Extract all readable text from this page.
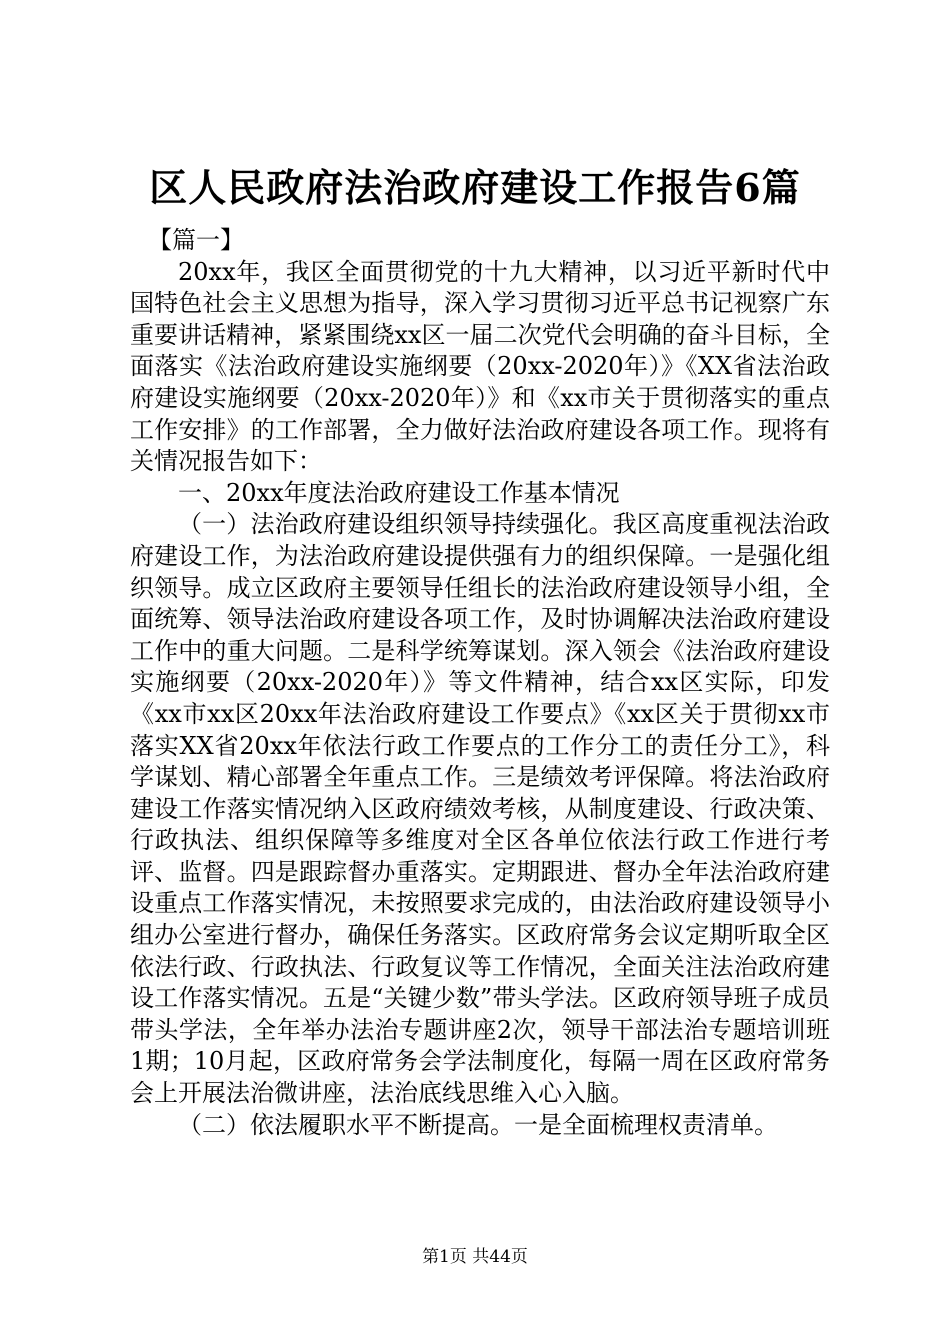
区人民政府法治政府建设工作报告6篇

【篇一】

20xx年，我区全面贯彻党的十九大精神，以习近平新时代中国特色社会主义思想为指导，深入学习贯彻习近平总书记视察广东重要讲话精神，紧紧围绕xx区一届二次党代会明确的奋斗目标，全面落实《法治政府建设实施纲要（20xx-2020年）》《XX省法治政府建设实施纲要（20xx-2020年）》和《xx市关于贯彻落实的重点工作安排》的工作部署，全力做好法治政府建设各项工作。现将有关情况报告如下：

一、20xx年度法治政府建设工作基本情况

（一）法治政府建设组织领导持续强化。我区高度重视法治政府建设工作，为法治政府建设提供强有力的组织保障。一是强化组织领导。成立区政府主要领导任组长的法治政府建设领导小组，全面统筹、领导法治政府建设各项工作，及时协调解决法治政府建设工作中的重大问题。二是科学统筹谋划。深入领会《法治政府建设实施纲要（20xx-2020年）》等文件精神，结合xx区实际，印发《xx市xx区20xx年法治政府建设工作要点》《xx区关于贯彻xx市落实XX省20xx年依法行政工作要点的工作分工的责任分工》，科学谋划、精心部署全年重点工作。三是绩效考评保障。将法治政府建设工作落实情况纳入区政府绩效考核，从制度建设、行政决策、行政执法、组织保障等多维度对全区各单位依法行政工作进行考评、监督。四是跟踪督办重落实。定期跟进、督办全年法治政府建设重点工作落实情况，未按照要求完成的，由法治政府建设领导小组办公室进行督办，确保任务落实。区政府常务会议定期听取全区依法行政、行政执法、行政复议等工作情况，全面关注法治政府建设工作落实情况。五是“关键少数”带头学法。区政府领导班子成员带头学法，全年举办法治专题讲座2次，领导干部法治专题培训班1期；10月起，区政府常务会学法制度化，每隔一周在区政府常务会上开展法治微讲座，法治底线思维入心入脑。

（二）依法履职水平不断提高。一是全面梳理权责清单。

第1页 共44页
